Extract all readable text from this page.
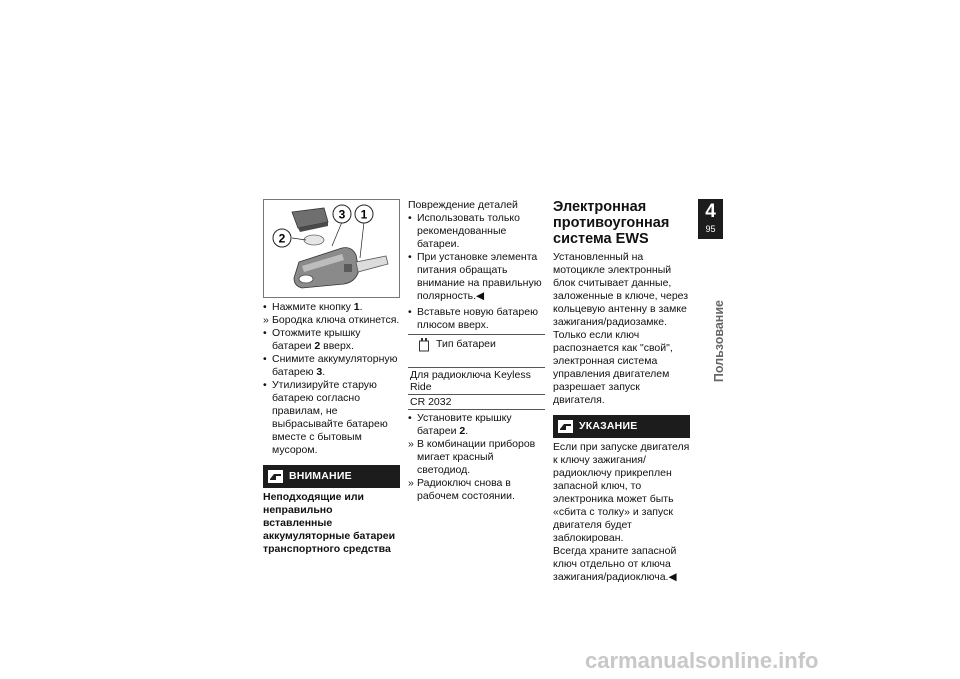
2
3 1
• Нажмите кнопку 1.
» Бородка ключа откинется.
• Отожмите крышку батареи 2 вверх.
• Снимите аккумуляторную батарею 3.
• Утилизируйте старую батарею согласно правилам, не выбрасывайте батарею вместе с бытовым мусором.
ВНИМАНИЕ
Неподходящие или неправильно вставленные аккумуляторные батареи транспортного средства
Повреждение деталей
• Использовать только рекомендованные батареи.
• При установке элемента питания обращать внимание на правильную полярность.◀
• Вставьте новую батарею плюсом вверх.
Тип батареи

Для радиоключа Keyless Ride
CR 2032
• Установите крышку батареи 2.
» В комбинации приборов мигает красный светодиод.
» Радиоключ снова в рабочем состоянии.
Электронная противоугонная система EWS
Установленный на мотоцикле электронный блок считывает данные, заложенные в ключе, через кольцевую антенну в замке зажигания/радиозамке. Только если ключ распознается как "свой", электронная система управления двигателем разрешает запуск двигателя.
УКАЗАНИЕ
Если при запуске двигателя к ключу зажигания/радиоключу прикреплен запасной ключ, то электроника может быть «сбита с толку» и запуск двигателя будет заблокирован.
Всегда храните запасной ключ отдельно от ключа зажигания/радиоключа.◀
4
95
Пользование
carmanualsonline.info
